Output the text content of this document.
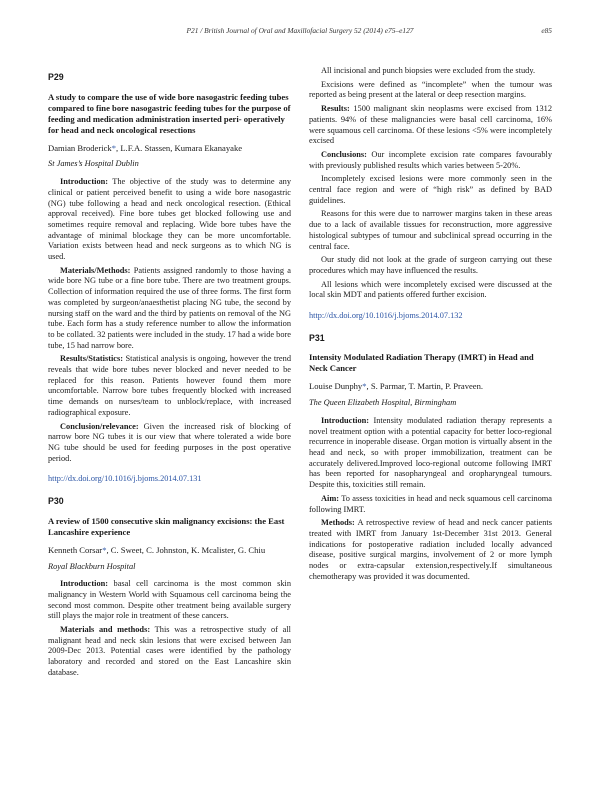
P21 / British Journal of Oral and Maxillofacial Surgery 52 (2014) e75–e127	e85
P29

A study to compare the use of wide bore nasogastric feeding tubes compared to fine bore nasogastric feeding tubes for the purpose of feeding and medication administration inserted peri- operatively for head and neck oncological resections

Damian Broderick*, L.F.A. Stassen, Kumara Ekanayake

St James’s Hospital Dublin

Introduction: The objective of the study was to determine any clinical or patient perceived benefit to using a wide bore nasogastric (NG) tube following a head and neck oncological resection. (Ethical approval received). Fine bore tubes get blocked following use and sometimes require removal and replacing. Wide bore tubes have the advantage of minimal blockage they can be more uncomfortable. Variation exists between head and neck surgeons as to which NG is used.

Materials/Methods: Patients assigned randomly to those having a wide bore NG tube or a fine bore tube. There are two treatment groups. Collection of information required the use of three forms. The first form was completed by surgeon/anaesthetist placing NG tube, the second by nursing staff on the ward and the third by patients on removal of the NG tube. Each form has a study reference number to allow the information to be collated. 32 patients were included in the study. 17 had a wide bore tube, 15 had narrow bore.

Results/Statistics: Statistical analysis is ongoing, however the trend reveals that wide bore tubes never blocked and never needed to be replaced for this reason. Patients however found them more uncomfortable. Narrow bore tubes frequently blocked with increased time demands on nurses/team to unblock/replace, with increased radiographical exposure.

Conclusion/relevance: Given the increased risk of blocking of narrow bore NG tubes it is our view that where tolerated a wide bore NG tube should be used for feeding purposes in the post operative period.

http://dx.doi.org/10.1016/j.bjoms.2014.07.131

P30

A review of 1500 consecutive skin malignancy excisions: the East Lancashire experience

Kenneth Corsar*, C. Sweet, C. Johnston, K. Mcalister, G. Chiu

Royal Blackburn Hospital

Introduction: basal cell carcinoma is the most common skin malignancy in Western World with Squamous cell carcinoma being the second most common. Despite other treatment being available surgery still plays the major role in treatment of these cancers.

Materials and methods: This was a retrospective study of all malignant head and neck skin lesions that were excised between Jan 2009-Dec 2013. Potential cases were identified by the pathology laboratory and recorded and stored on the East Lancashire skin database.

All incisional and punch biopsies were excluded from the study.

Excisions were defined as “incomplete” when the tumour was reported as being present at the lateral or deep resection margins.

Results: 1500 malignant skin neoplasms were excised from 1312 patients. 94% of these malignancies were basal cell carcinoma, 16% were squamous cell carcinoma. Of these lesions <5% were incompletely excised

Conclusions: Our incomplete excision rate compares favourably with previously published results which varies between 5-20%.

Incompletely excised lesions were more commonly seen in the central face region and were of “high risk” as defined by BAD guidelines.

Reasons for this were due to narrower margins taken in these areas due to a lack of available tissues for reconstruction, more aggressive histological subtypes of tumour and subclinical spread occurring in the central face.

Our study did not look at the grade of surgeon carrying out these procedures which may have influenced the results.

All lesions which were incompletely excised were discussed at the local skin MDT and patients offered further excision.

http://dx.doi.org/10.1016/j.bjoms.2014.07.132

P31

Intensity Modulated Radiation Therapy (IMRT) in Head and Neck Cancer

Louise Dunphy*, S. Parmar, T. Martin, P. Praveen.

The Queen Elizabeth Hospital, Birmingham

Introduction: Intensity modulated radiation therapy represents a novel treatment option with a potential capacity for better loco-regional recurrence in inoperable disease. Organ motion is virtually absent in the head and neck, so with proper immobilization, treatment can be accurately delivered.Improved loco-regional outcome following IMRT has been reported for nasopharyngeal and oropharyngeal tumours. Despite this, toxicities still remain.

Aim: To assess toxicities in head and neck squamous cell carcinoma following IMRT.

Methods: A retrospective review of head and neck cancer patients treated with IMRT from January 1st-December 31st 2013. General indications for postoperative radiation included locally advanced disease, positive surgical margins, involvement of 2 or more lymph nodes or extra-capsular extension,respectively.If simultaneous chemotherapy was provided it was documented.
